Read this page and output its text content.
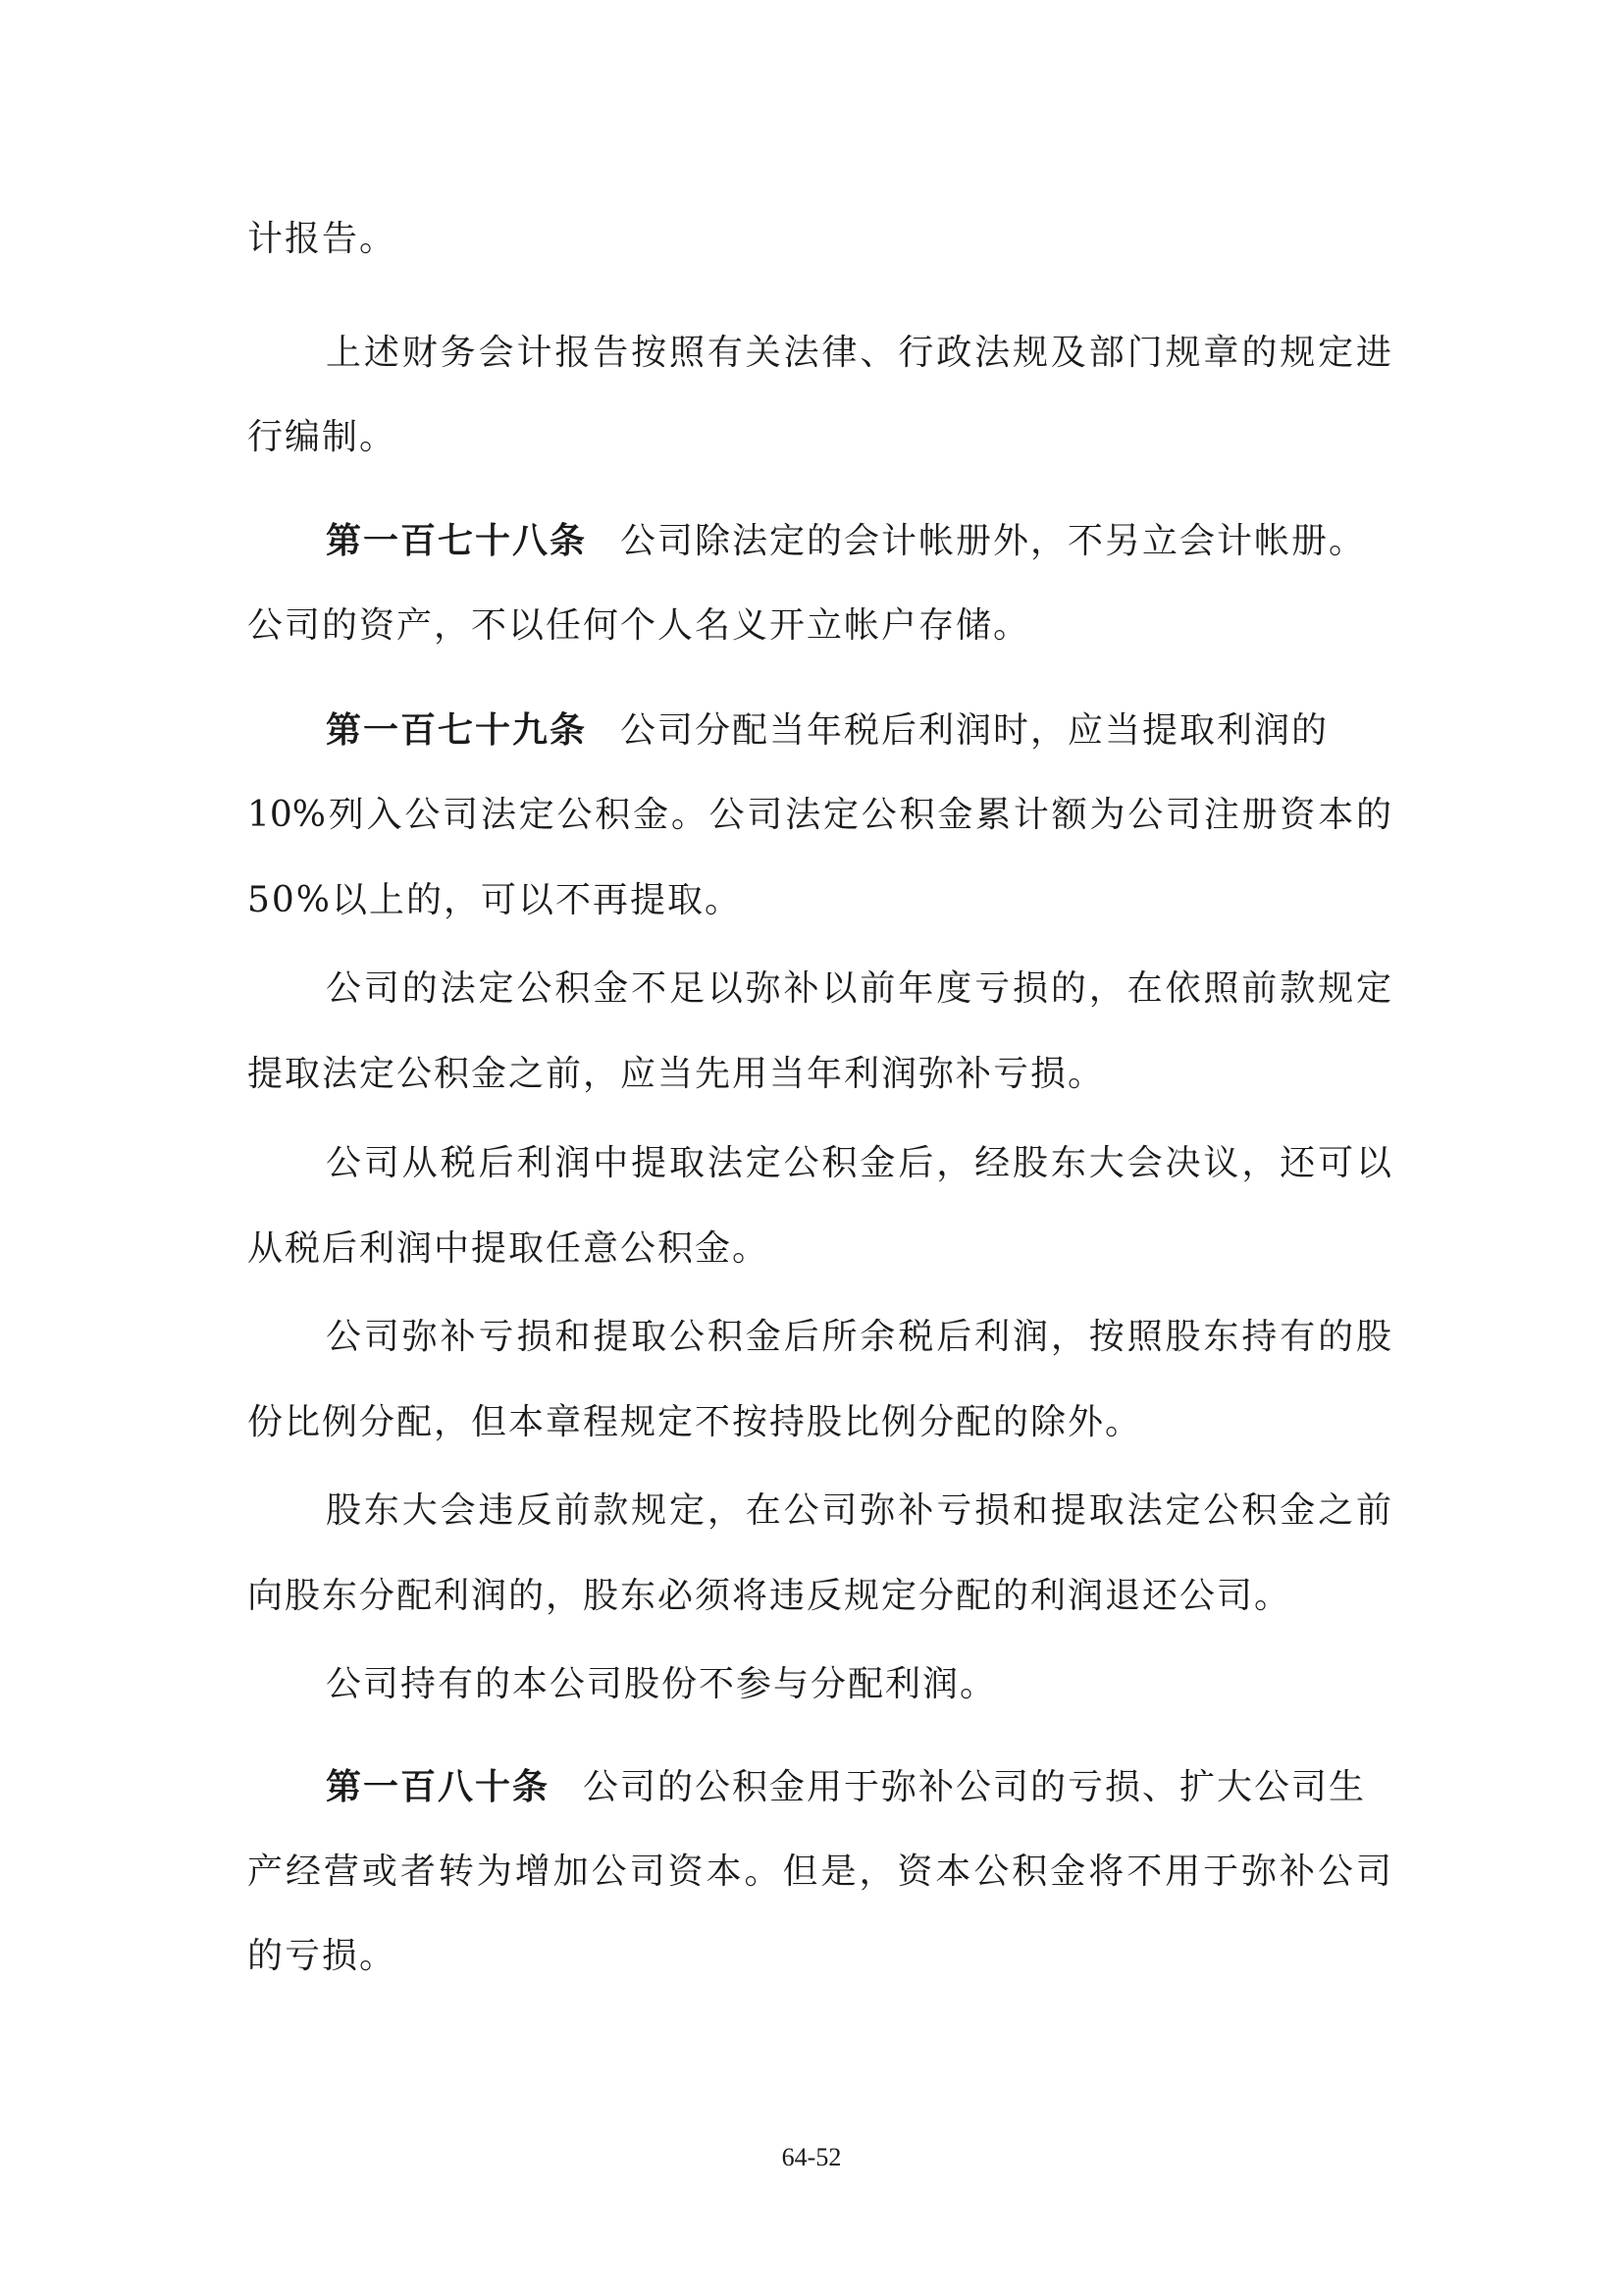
计报告。
上述财务会计报告按照有关法律、行政法规及部门规章的规定进
行编制。
第一百七十八条 公司除法定的会计帐册外，不另立会计帐册。
公司的资产，不以任何个人名义开立帐户存储。
第一百七十九条 公司分配当年税后利润时，应当提取利润的
10%列入公司法定公积金。公司法定公积金累计额为公司注册资本的
50%以上的，可以不再提取。
公司的法定公积金不足以弥补以前年度亏损的，在依照前款规定
提取法定公积金之前，应当先用当年利润弥补亏损。
公司从税后利润中提取法定公积金后，经股东大会决议，还可以
从税后利润中提取任意公积金。
公司弥补亏损和提取公积金后所余税后利润，按照股东持有的股
份比例分配，但本章程规定不按持股比例分配的除外。
股东大会违反前款规定，在公司弥补亏损和提取法定公积金之前
向股东分配利润的，股东必须将违反规定分配的利润退还公司。
公司持有的本公司股份不参与分配利润。
第一百八十条 公司的公积金用于弥补公司的亏损、扩大公司生
产经营或者转为增加公司资本。但是，资本公积金将不用于弥补公司
的亏损。
64-52
